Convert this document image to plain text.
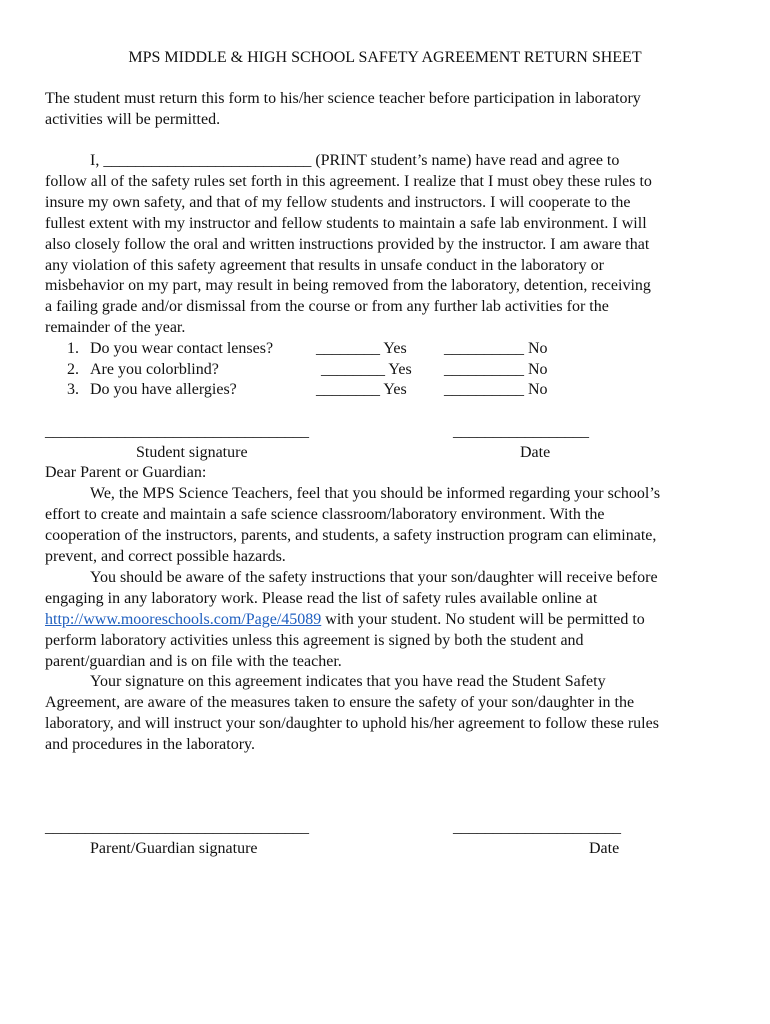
MPS MIDDLE & HIGH SCHOOL SAFETY AGREEMENT RETURN SHEET
The student must return this form to his/her science teacher before participation in laboratory
activities will be permitted.
I, __________________________ (PRINT student’s name) have read and agree to
follow all of the safety rules set forth in this agreement. I realize that I must obey these rules to
insure my own safety, and that of my fellow students and instructors. I will cooperate to the
fullest extent with my instructor and fellow students to maintain a safe lab environment. I will
also closely follow the oral and written instructions provided by the instructor. I am aware that
any violation of this safety agreement that results in unsafe conduct in the laboratory or
misbehavior on my part, may result in being removed from the laboratory, detention, receiving
a failing grade and/or dismissal from the course or from any further lab activities for the
remainder of the year.
1. Do you wear contact lenses?	________ Yes __________ No
2. Are you colorblind?	________ Yes __________ No
3. Do you have allergies?	________ Yes __________ No
_________________________________	_________________
Student signature	Date
Dear Parent or Guardian:
We, the MPS Science Teachers, feel that you should be informed regarding your school’s
effort to create and maintain a safe science classroom/laboratory environment. With the
cooperation of the instructors, parents, and students, a safety instruction program can eliminate,
prevent, and correct possible hazards.
You should be aware of the safety instructions that your son/daughter will receive before
engaging in any laboratory work. Please read the list of safety rules available online at
http://www.mooreschools.com/Page/45089 with your student. No student will be permitted to
perform laboratory activities unless this agreement is signed by both the student and
parent/guardian and is on file with the teacher.
Your signature on this agreement indicates that you have read the Student Safety
Agreement, are aware of the measures taken to ensure the safety of your son/daughter in the
laboratory, and will instruct your son/daughter to uphold his/her agreement to follow these rules
and procedures in the laboratory.
_________________________________	_____________________
Parent/Guardian signature	Date
